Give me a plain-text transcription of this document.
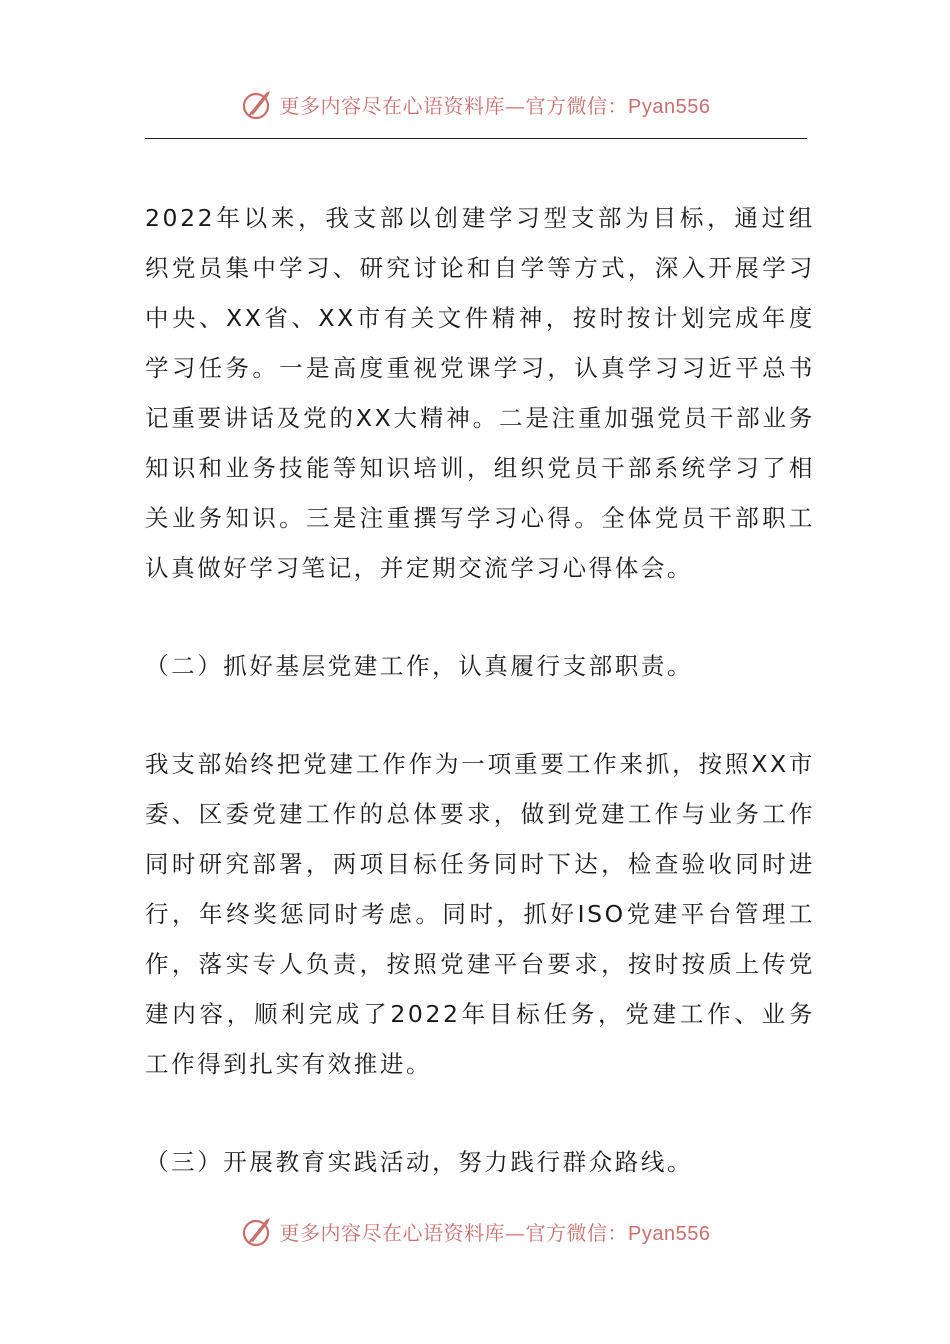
更多内容尽在心语资料库—官方微信：Pyan556

2022年以来，我支部以创建学习型支部为目标，通过组织党员集中学习、研究讨论和自学等方式，深入开展学习中央、XX省、XX市有关文件精神，按时按计划完成年度学习任务。一是高度重视党课学习，认真学习习近平总书记重要讲话及党的XX大精神。二是注重加强党员干部业务知识和业务技能等知识培训，组织党员干部系统学习了相关业务知识。三是注重撰写学习心得。全体党员干部职工认真做好学习笔记，并定期交流学习心得体会。

（二）抓好基层党建工作，认真履行支部职责。

我支部始终把党建工作作为一项重要工作来抓，按照XX市委、区委党建工作的总体要求，做到党建工作与业务工作同时研究部署，两项目标任务同时下达，检查验收同时进行，年终奖惩同时考虑。同时，抓好ISO党建平台管理工作，落实专人负责，按照党建平台要求，按时按质上传党建内容，顺利完成了2022年目标任务，党建工作、业务工作得到扎实有效推进。

（三）开展教育实践活动，努力践行群众路线。

更多内容尽在心语资料库—官方微信：Pyan556
